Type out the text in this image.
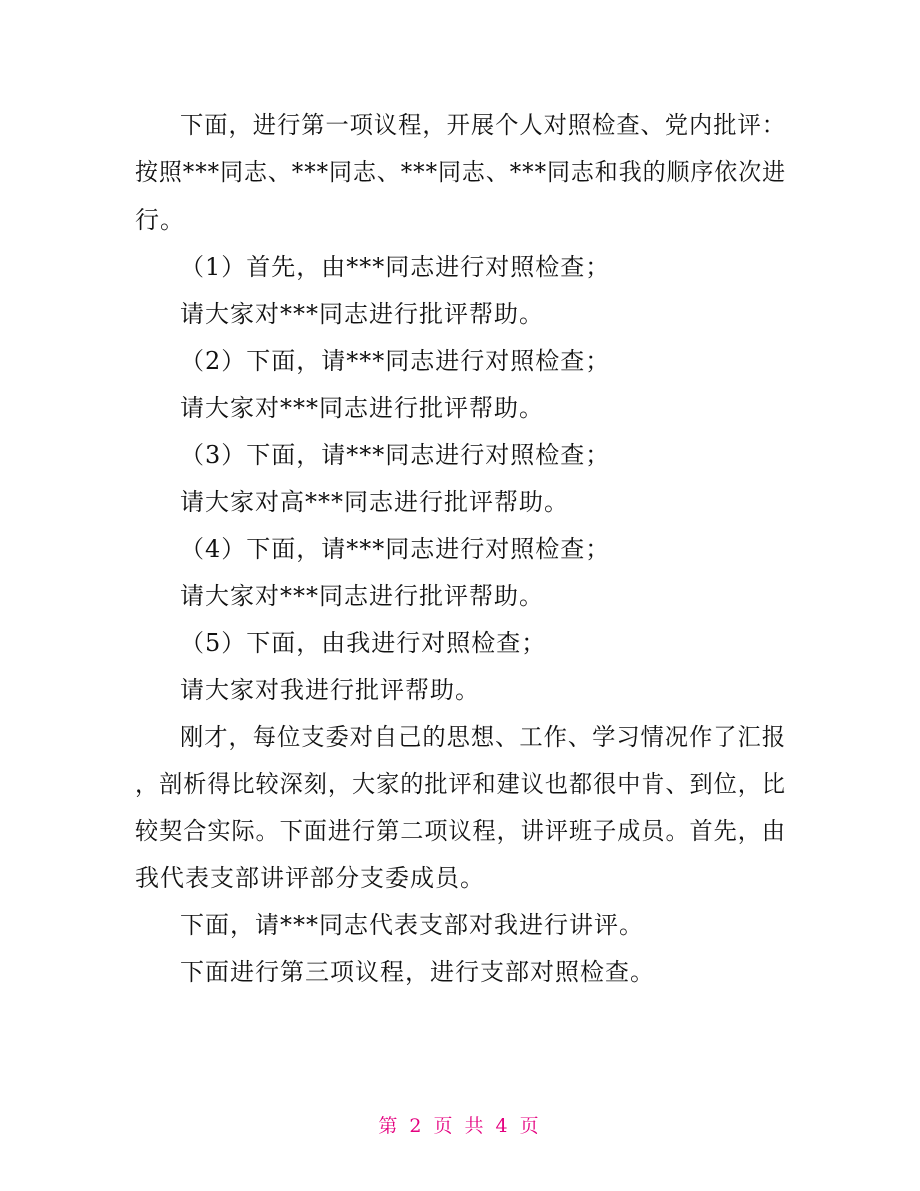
下面，进行第一项议程，开展个人对照检查、党内批评：
按照***同志、***同志、***同志、***同志和我的顺序依次进
行。
（1）首先，由***同志进行对照检查；
请大家对***同志进行批评帮助。
（2）下面，请***同志进行对照检查；
请大家对***同志进行批评帮助。
（3）下面，请***同志进行对照检查；
请大家对高***同志进行批评帮助。
（4）下面，请***同志进行对照检查；
请大家对***同志进行批评帮助。
（5）下面，由我进行对照检查；
请大家对我进行批评帮助。
刚才，每位支委对自己的思想、工作、学习情况作了汇报
，剖析得比较深刻，大家的批评和建议也都很中肯、到位，比
较契合实际。下面进行第二项议程，讲评班子成员。首先，由
我代表支部讲评部分支委成员。
下面，请***同志代表支部对我进行讲评。
下面进行第三项议程，进行支部对照检查。
第 2 页 共 4 页
